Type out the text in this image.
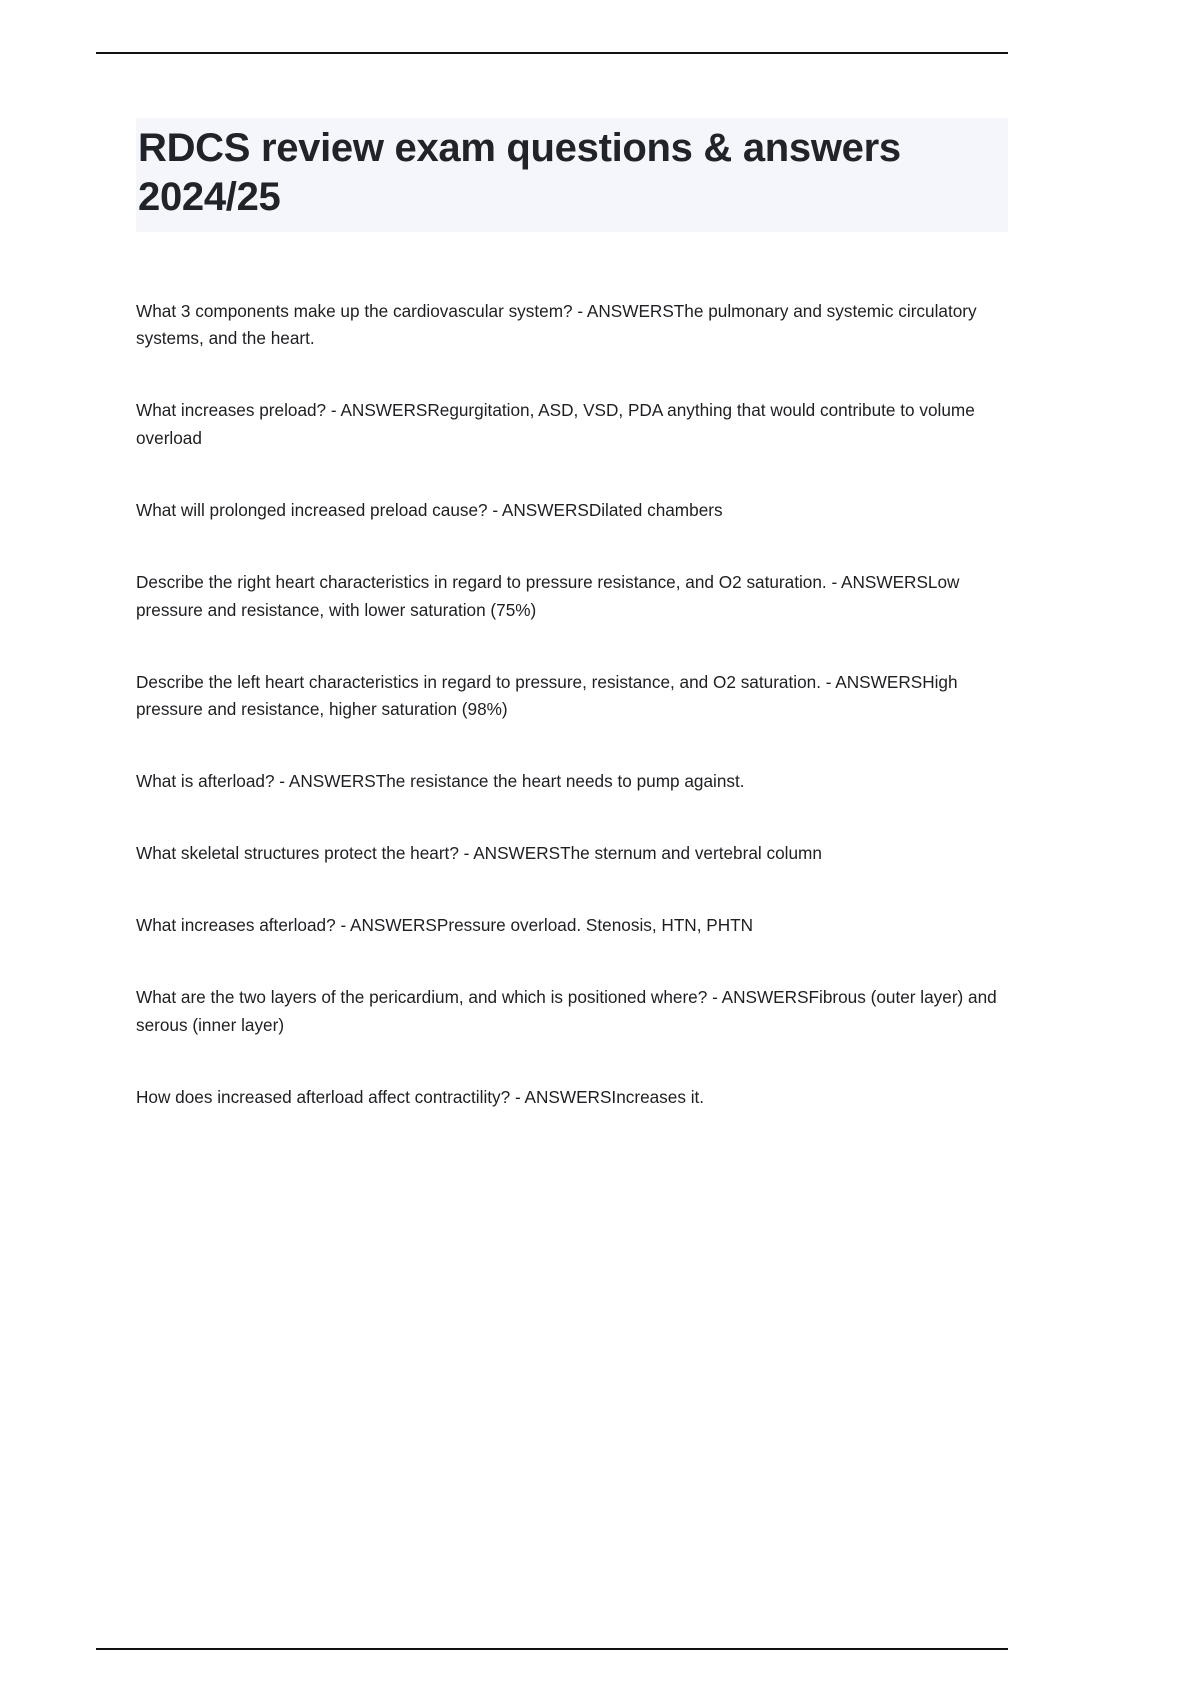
RDCS review exam questions & answers 2024/25

What 3 components make up the cardiovascular system? - ANSWERSThe pulmonary and systemic circulatory systems, and the heart.

What increases preload? - ANSWERSRegurgitation, ASD, VSD, PDA anything that would contribute to volume overload

What will prolonged increased preload cause? - ANSWERSDilated chambers

Describe the right heart characteristics in regard to pressure resistance, and O2 saturation. - ANSWERSLow pressure and resistance, with lower saturation (75%)

Describe the left heart characteristics in regard to pressure, resistance, and O2 saturation. - ANSWERSHigh pressure and resistance, higher saturation (98%)

What is afterload? - ANSWERSThe resistance the heart needs to pump against.

What skeletal structures protect the heart? - ANSWERSThe sternum and vertebral column

What increases afterload? - ANSWERSPressure overload. Stenosis, HTN, PHTN

What are the two layers of the pericardium, and which is positioned where? - ANSWERSFibrous (outer layer) and serous (inner layer)

How does increased afterload affect contractility? - ANSWERSIncreases it.
